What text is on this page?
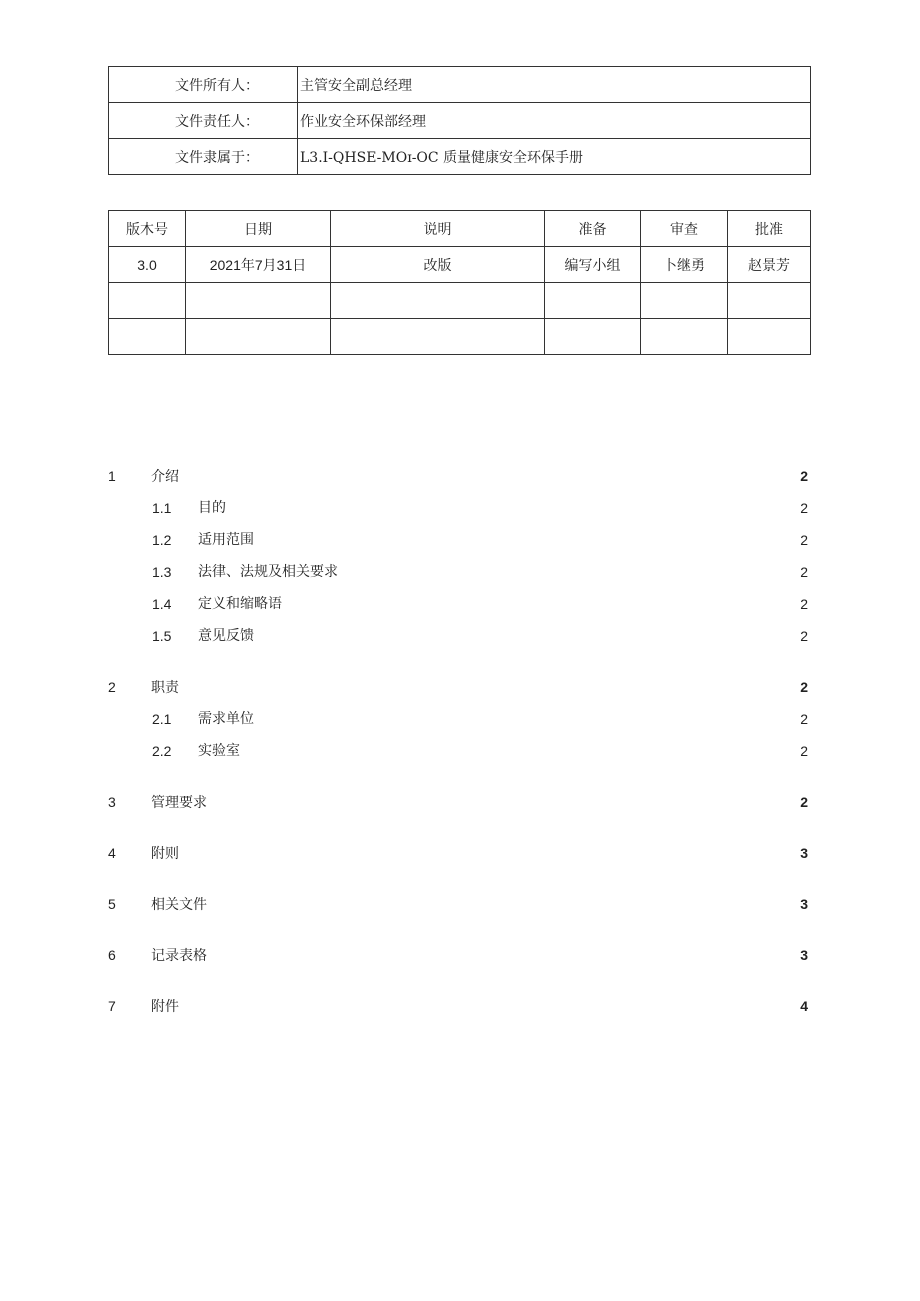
文件所有人：	主管安全副总经理
文件责任人：	作业安全环保部经理
文件隶属于：	L3.I-QHSE-MOɪ-OC 质量健康安全环保手册
版木号	日期	说明	准备	审查	批准
3.0	2021年7月31日	改版	编写小组	卜继勇	赵景芳

1	介绍	2
1.1 目的	2
1.2 适用范围	2
1.3 法律、法规及相关要求	2
1.4 定义和缩略语	2
1.5 意见反馈	2
2	职责	2
2.1 需求单位	2
2.2 实验室	2
3	管理要求	2
4	附则	3
5	相关文件	3
6	记录表格	3
7	附件	4
